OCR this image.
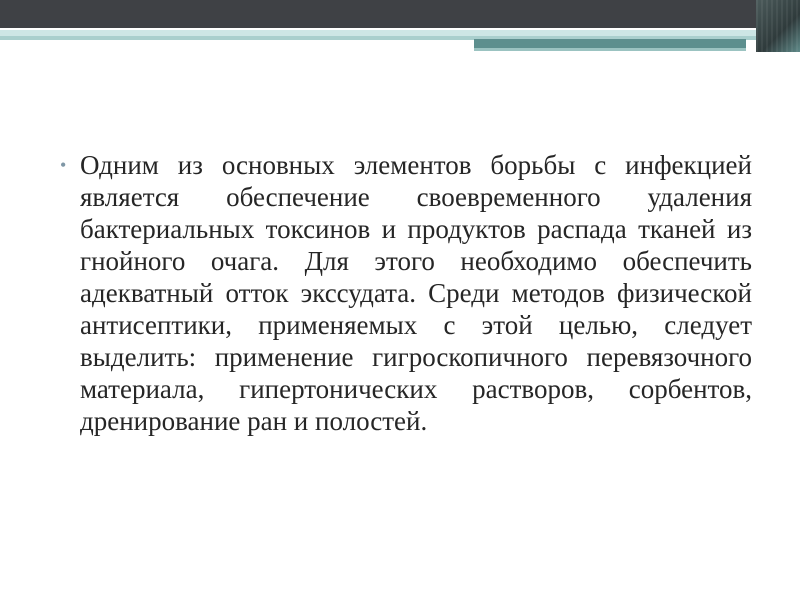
• Одним из основных элементов борьбы с инфекцией является обеспечение своевременного удаления бактериальных токсинов и продуктов распада тканей из гнойного очага. Для этого необходимо обеспечить адекватный отток экссудата. Среди методов физической антисептики, применяемых с этой целью, следует выделить: применение гигроскопичного перевязочного материала, гипертонических растворов, сорбентов, дренирование ран и полостей.
